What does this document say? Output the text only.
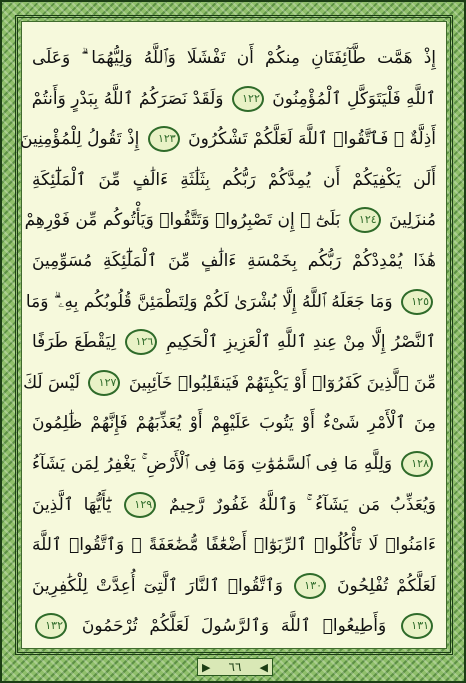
إِذْ هَمَّت طَّآئِفَتَانِ مِنكُمْ أَن تَفْشَلَا وَٱللَّهُ وَلِيُّهُمَا ۗ وَعَلَى
ٱللَّهِ فَلْيَتَوَكَّلِ ٱلْمُؤْمِنُونَ ١٢٢ وَلَقَدْ نَصَرَكُمُ ٱللَّهُ بِبَدْرٍ وَأَنتُمْ
أَذِلَّةٌ ۖ فَٱتَّقُوا۟ ٱللَّهَ لَعَلَّكُمْ تَشْكُرُونَ ١٢٣ إِذْ تَقُولُ لِلْمُؤْمِنِينَ
أَلَن يَكْفِيَكُمْ أَن يُمِدَّكُمْ رَبُّكُم بِثَلَٰثَةِ ءَالَٰفٍ مِّنَ ٱلْمَلَٰٓئِكَةِ
مُنزَلِينَ ١٢٤ بَلَىٰٓ ۚ إِن تَصْبِرُوا۟ وَتَتَّقُوا۟ وَيَأْتُوكُم مِّن فَوْرِهِمْ
هَٰذَا يُمْدِدْكُمْ رَبُّكُم بِخَمْسَةِ ءَالَٰفٍ مِّنَ ٱلْمَلَٰٓئِكَةِ مُسَوِّمِينَ
١٢٥ وَمَا جَعَلَهُ ٱللَّهُ إِلَّا بُشْرَىٰ لَكُمْ وَلِتَطْمَئِنَّ قُلُوبُكُم بِهِۦ ۗ وَمَا
ٱلنَّصْرُ إِلَّا مِنْ عِندِ ٱللَّهِ ٱلْعَزِيزِ ٱلْحَكِيمِ ١٢٦ لِيَقْطَعَ طَرَفًا
مِّنَ ٱلَّذِينَ كَفَرُوٓا۟ أَوْ يَكْبِتَهُمْ فَيَنقَلِبُوا۟ خَآئِبِينَ ١٢٧ لَيْسَ لَكَ
مِنَ ٱلْأَمْرِ شَىْءٌ أَوْ يَتُوبَ عَلَيْهِمْ أَوْ يُعَذِّبَهُمْ فَإِنَّهُمْ ظَٰلِمُونَ
١٢٨ وَلِلَّهِ مَا فِى ٱلسَّمَٰوَٰتِ وَمَا فِى ٱلْأَرْضِ ۚ يَغْفِرُ لِمَن يَشَآءُ
وَيُعَذِّبُ مَن يَشَآءُ ۚ وَٱللَّهُ غَفُورٌ رَّحِيمٌ ١٢٩ يَٰٓأَيُّهَا ٱلَّذِينَ
ءَامَنُوا۟ لَا تَأْكُلُوا۟ ٱلرِّبَوٰٓا۟ أَضْعَٰفًا مُّضَٰعَفَةً ۖ وَٱتَّقُوا۟ ٱللَّهَ
لَعَلَّكُمْ تُفْلِحُونَ ١٣٠ وَٱتَّقُوا۟ ٱلنَّارَ ٱلَّتِىٓ أُعِدَّتْ لِلْكَٰفِرِينَ
١٣١ وَأَطِيعُوا۟ ٱللَّهَ وَٱلرَّسُولَ لَعَلَّكُمْ تُرْحَمُونَ ١٣٢
▶ ٦٦ ◀
